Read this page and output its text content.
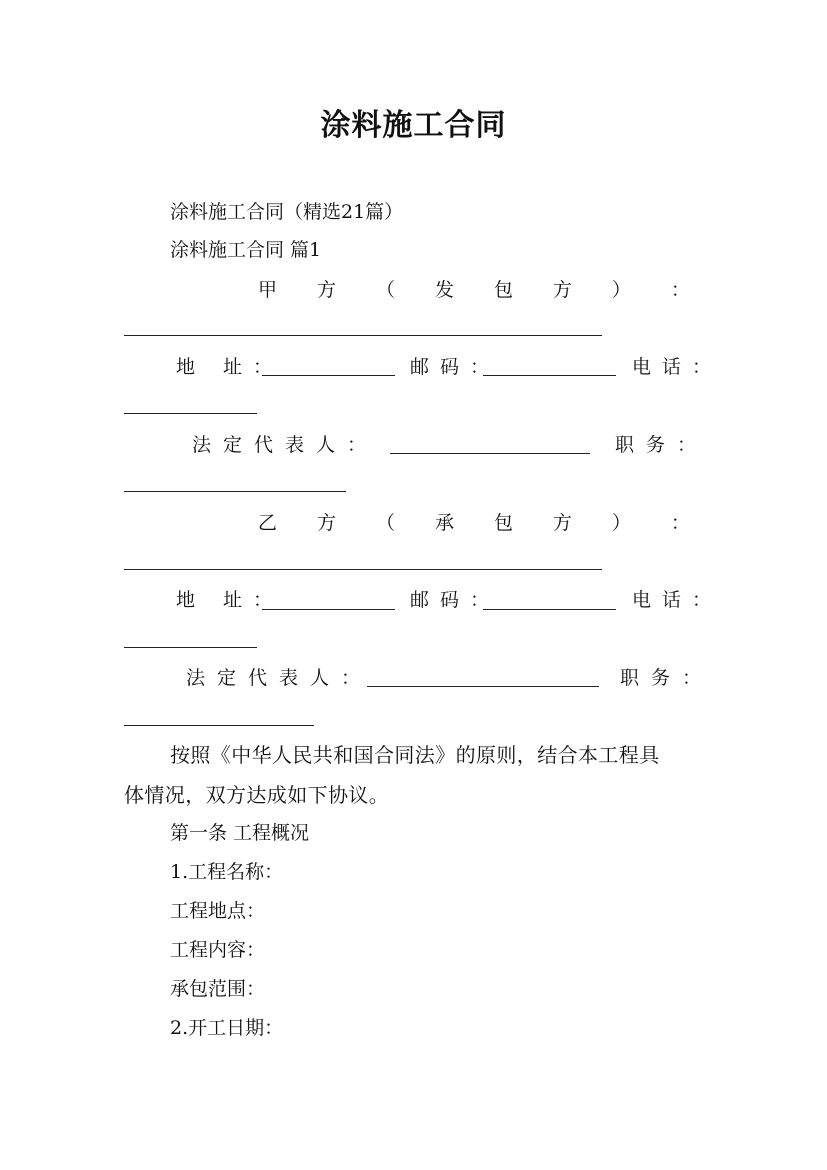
涂料施工合同
涂料施工合同（精选21篇）
涂料施工合同 篇1
甲 方 （ 发 包 方 ） ：
地 址：	邮码：	电话：
法定代表人：	职务：
乙 方 （ 承 包 方 ） ：
地 址：	邮码：	电话：
法定代表人：	职务：
按照《中华人民共和国合同法》的原则，结合本工程具
体情况，双方达成如下协议。
第一条 工程概况
1.工程名称：
工程地点：
工程内容：
承包范围：
2.开工日期：
